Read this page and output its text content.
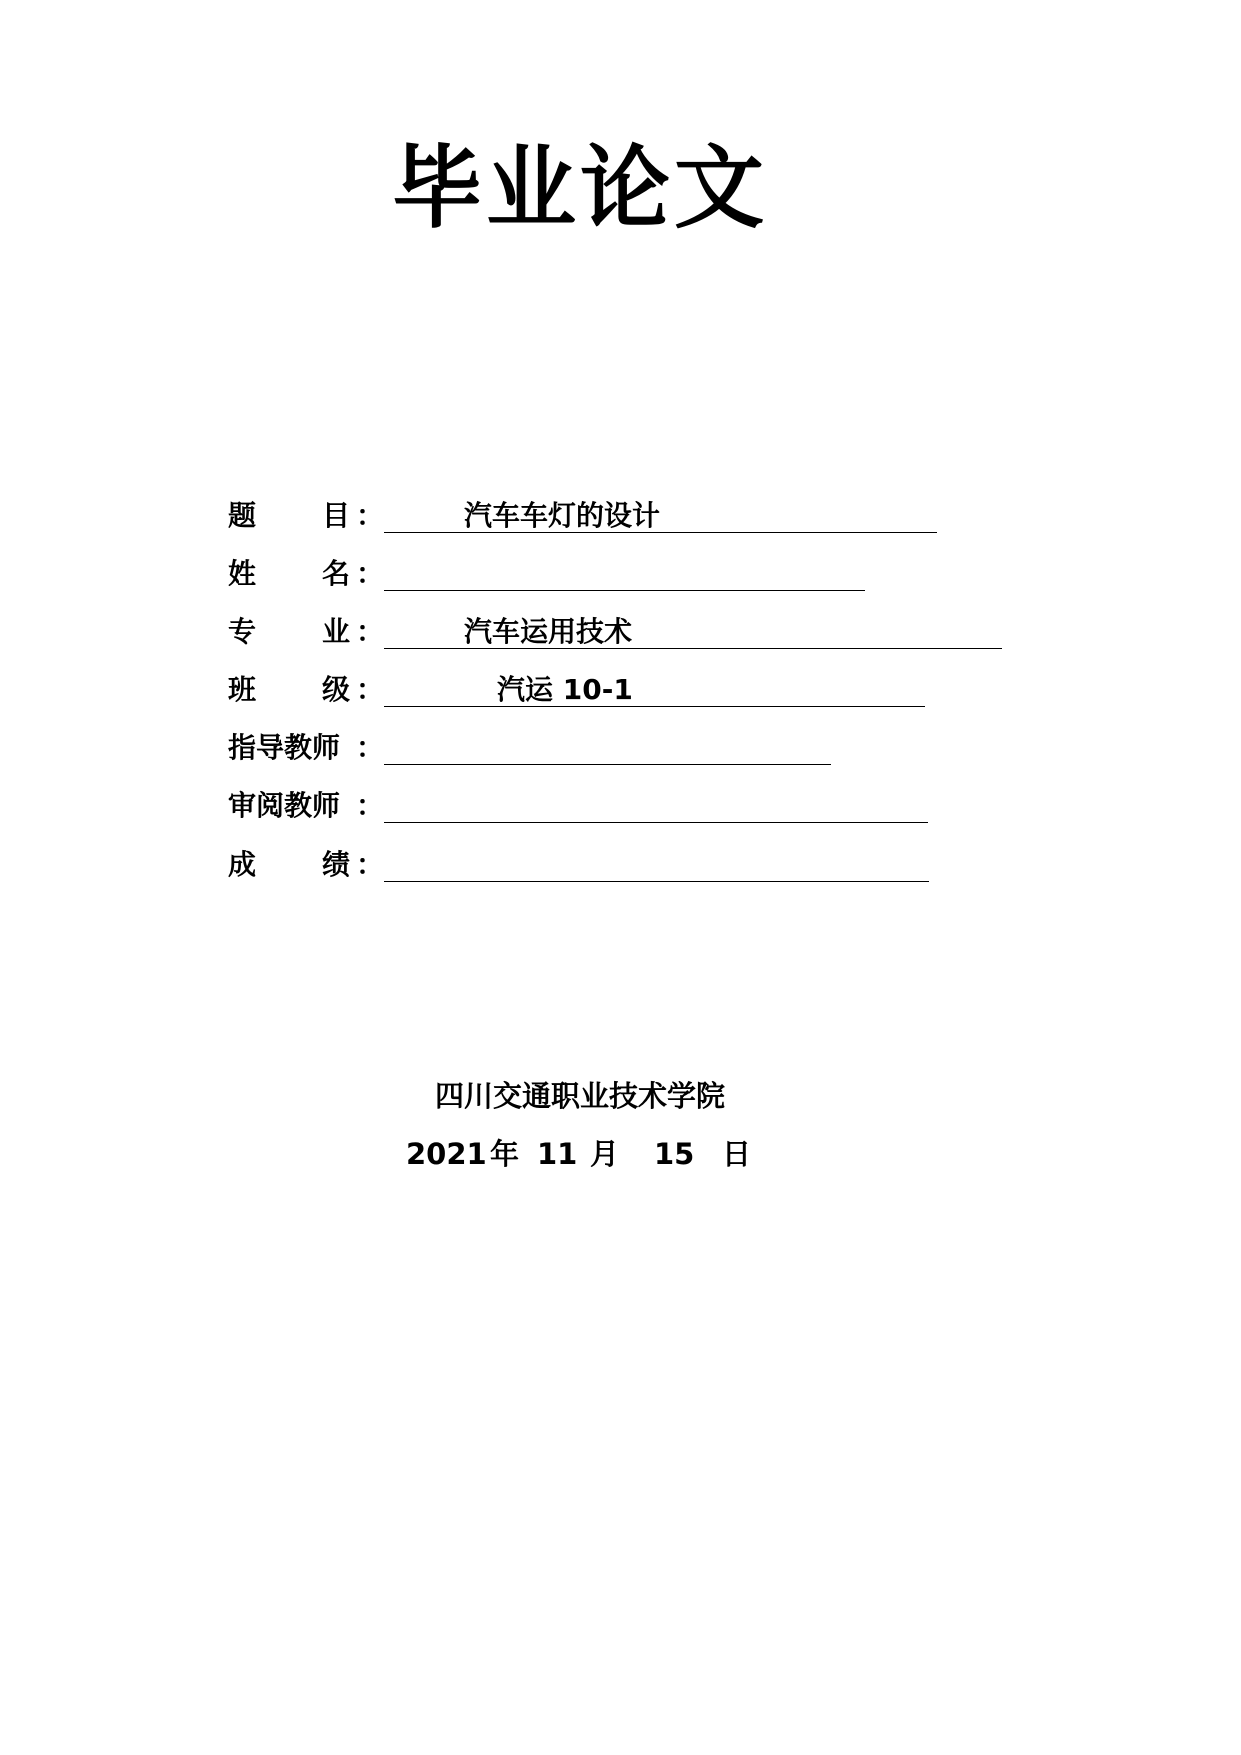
毕业论文
题 目 ：	汽车车灯的设计
姓 名 ：
专 业 ：	汽车运用技术
班 级 ：	汽运 10-1
指导教师 ：
审阅教师 ：
成 绩 ：
四川交通职业技术学院
2021 年 11 月 15 日
